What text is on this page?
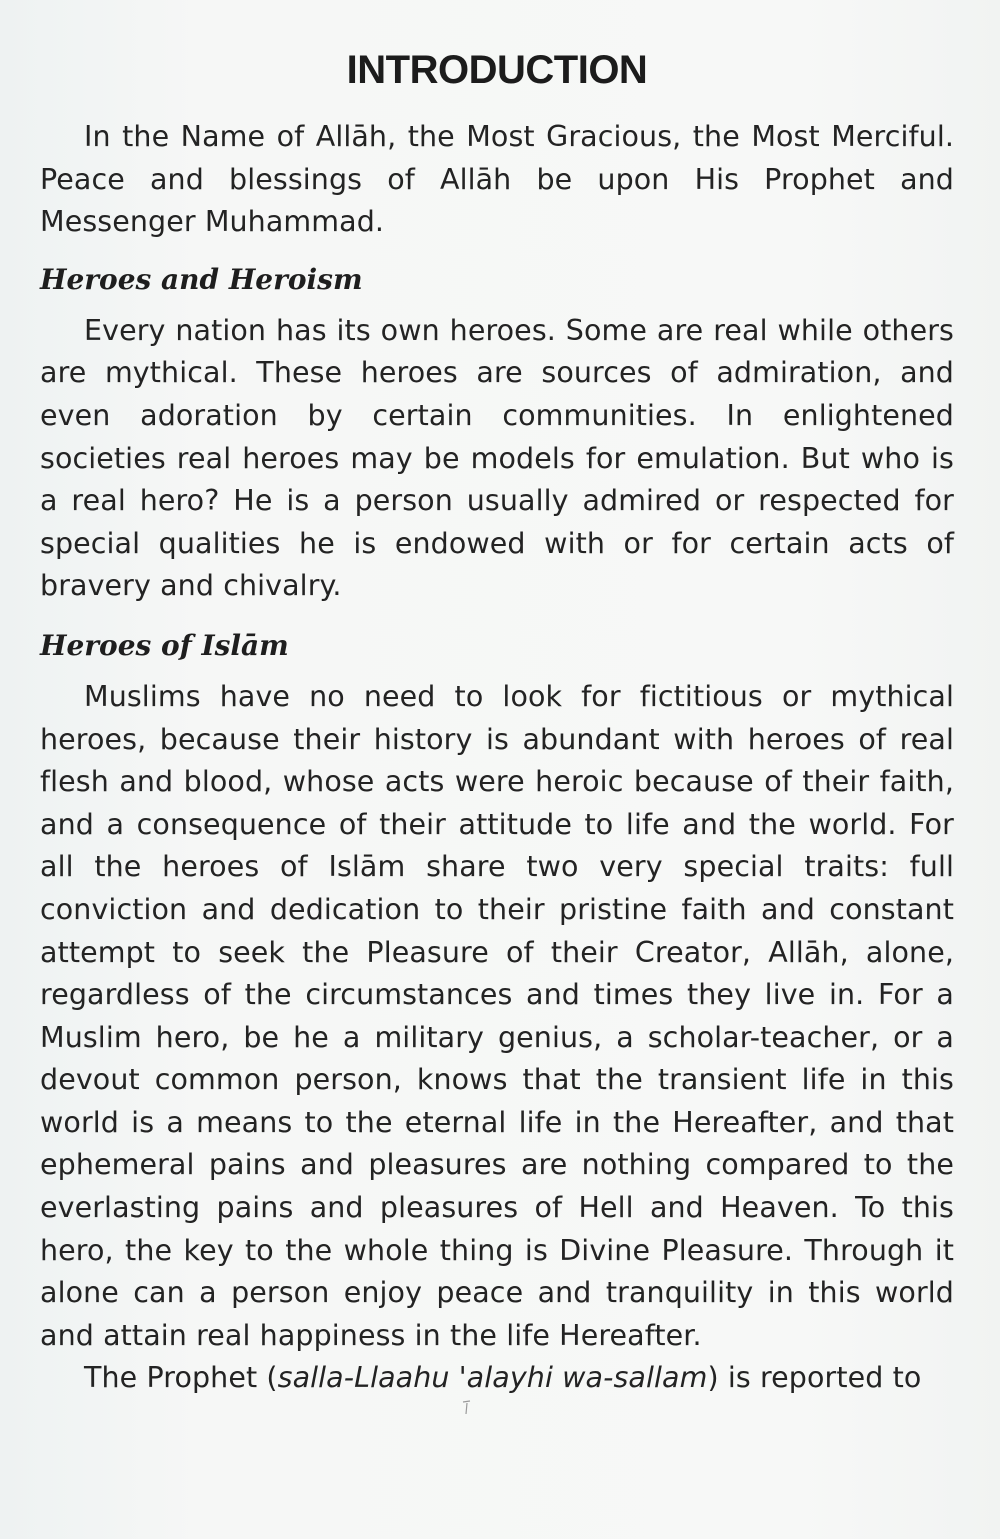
INTRODUCTION

In the Name of Allāh, the Most Gracious, the Most Merciful. Peace and blessings of Allāh be upon His Prophet and Messenger Muhammad.

Heroes and Heroism

Every nation has its own heroes. Some are real while others are mythical. These heroes are sources of admiration, and even adoration by certain communities. In enlightened societies real heroes may be models for emulation. But who is a real hero? He is a person usually admired or respected for special qualities he is endowed with or for certain acts of bravery and chivalry.

Heroes of Islām

Muslims have no need to look for fictitious or mythical heroes, because their history is abundant with heroes of real flesh and blood, whose acts were heroic because of their faith, and a consequence of their attitude to life and the world. For all the heroes of Islām share two very special traits: full conviction and dedication to their pristine faith and constant attempt to seek the Pleasure of their Creator, Allāh, alone, regardless of the circumstances and times they live in. For a Muslim hero, be he a military genius, a scholar-teacher, or a devout common person, knows that the transient life in this world is a means to the eternal life in the Hereafter, and that ephemeral pains and pleasures are nothing compared to the everlasting pains and pleasures of Hell and Heaven. To this hero, the key to the whole thing is Divine Pleasure. Through it alone can a person enjoy peace and tranquility in this world and attain real happiness in the life Hereafter.

The Prophet (salla-Llaahu 'alayhi wa-sallam) is reported to
